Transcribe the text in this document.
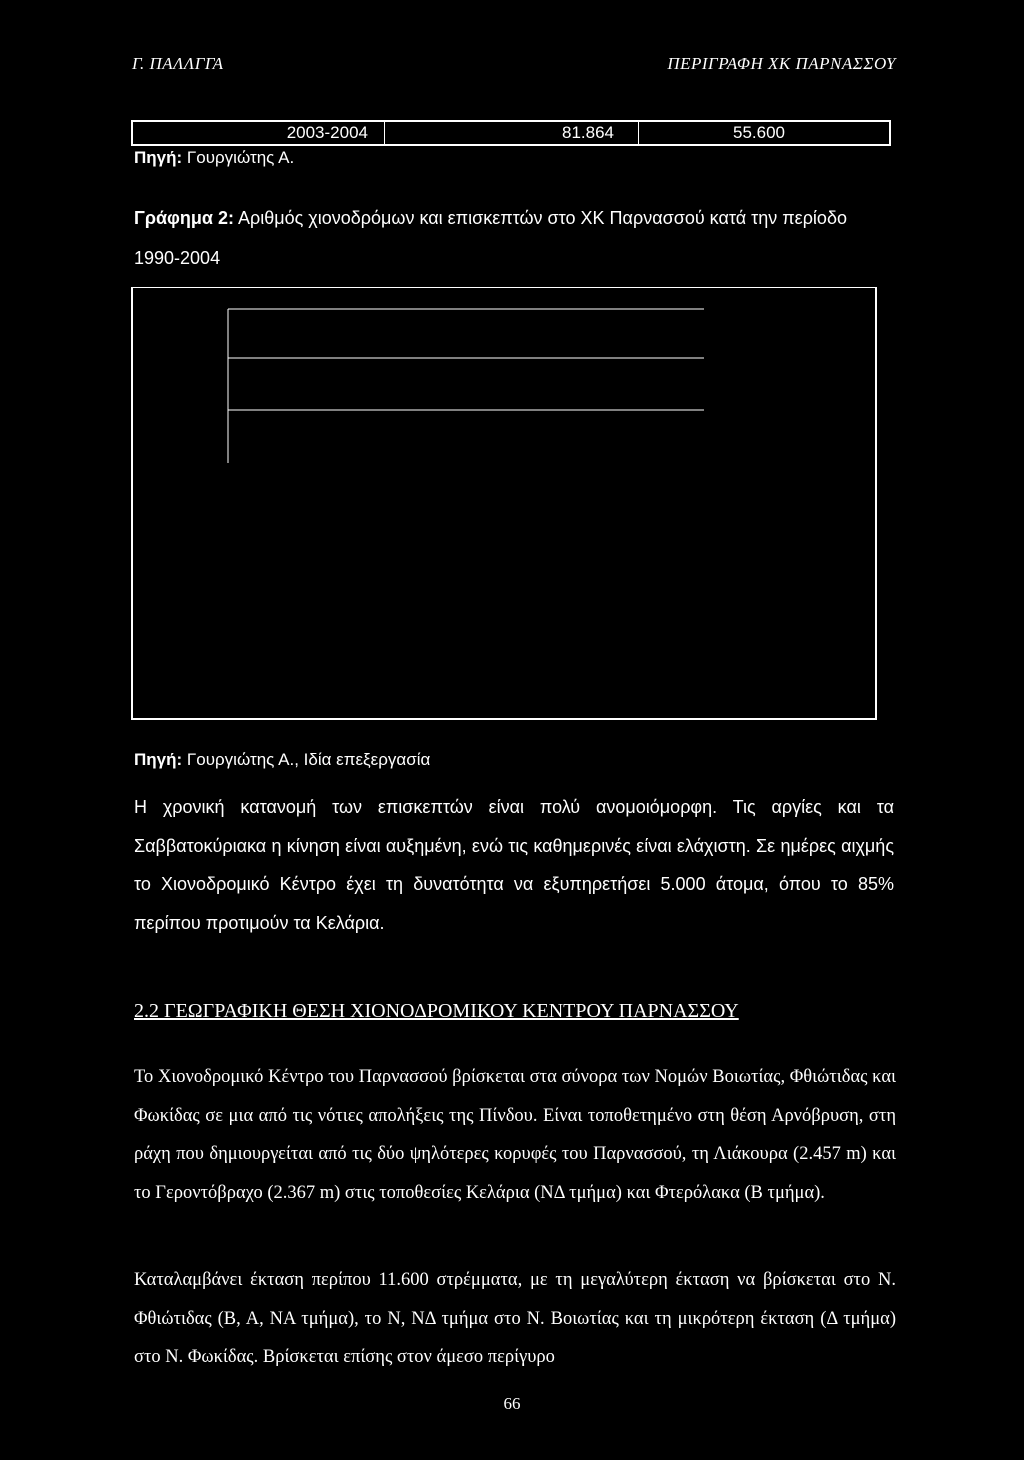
Γ. ΠΑΛΛΓΓΑ	ΠΕΡΙΓΡΑΦΗ ΧΚ ΠΑΡΝΑΣΣΟΥ
2003-2004	81.864	55.600
Πηγή: Γουργιώτης Α.
Γράφημα 2: Αριθμός χιονοδρόμων και επισκεπτών στο ΧΚ Παρνασσού κατά την περίοδο 1990-2004
Πηγή: Γουργιώτης Α., Ιδία επεξεργασία
Η χρονική κατανομή των επισκεπτών είναι πολύ ανομοιόμορφη. Τις αργίες και τα Σαββατοκύριακα η κίνηση είναι αυξημένη, ενώ τις καθημερινές είναι ελάχιστη. Σε ημέρες αιχμής το Χιονοδρομικό Κέντρο έχει τη δυνατότητα να εξυπηρετήσει 5.000 άτομα, όπου το 85% περίπου προτιμούν τα Κελάρια.
2.2 ΓΕΩΓΡΑΦΙΚΗ ΘΕΣΗ ΧΙΟΝΟΔΡΟΜΙΚΟΥ ΚΕΝΤΡΟΥ ΠΑΡΝΑΣΣΟΥ
Το Χιονοδρομικό Κέντρο του Παρνασσού βρίσκεται στα σύνορα των Νομών Βοιωτίας, Φθιώτιδας και Φωκίδας σε μια από τις νότιες απολήξεις της Πίνδου. Είναι τοποθετημένο στη θέση Αρνόβρυση, στη ράχη που δημιουργείται από τις δύο ψηλότερες κορυφές του Παρνασσού, τη Λιάκουρα (2.457 m) και το Γεροντόβραχο (2.367 m) στις τοποθεσίες Κελάρια (ΝΔ τμήμα) και Φτερόλακα (Β τμήμα).
Καταλαμβάνει έκταση περίπου 11.600 στρέμματα, με τη μεγαλύτερη έκταση να βρίσκεται στο Ν. Φθιώτιδας (Β, Α, ΝΑ τμήμα), το Ν, ΝΔ τμήμα στο Ν. Βοιωτίας και τη μικρότερη έκταση (Δ τμήμα) στο Ν. Φωκίδας. Βρίσκεται επίσης στον άμεσο περίγυρο
66
